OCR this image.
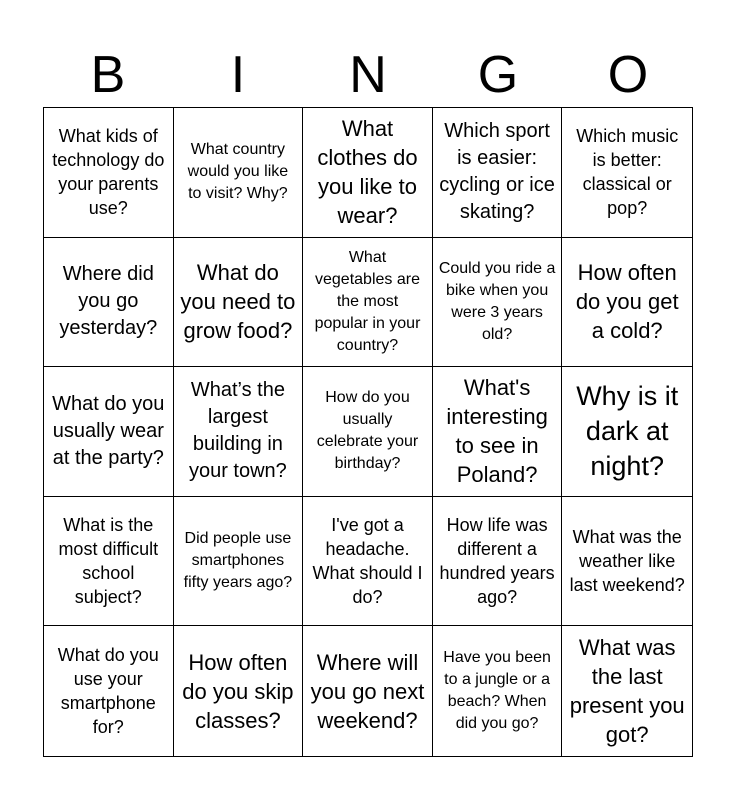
B	I	N	G	O
What kids of technology do your parents use?
What country would you like to visit? Why?
What clothes do you like to wear?
Which sport is easier: cycling or ice skating?
Which music is better: classical or pop?
Where did you go yesterday?
What do you need to grow food?
What vegetables are the most popular in your country?
Could you ride a bike when you were 3 years old?
How often do you get a cold?
What do you usually wear at the party?
What’s the largest building in your town?
How do you usually celebrate your birthday?
What's interesting to see in Poland?
Why is it dark at night?
What is the most difficult school subject?
Did people use smartphones fifty years ago?
I've got a headache. What should I do?
How life was different a hundred years ago?
What was the weather like last weekend?
What do you use your smartphone for?
How often do you skip classes?
Where will you go next weekend?
Have you been to a jungle or a beach? When did you go?
What was the last present you got?
